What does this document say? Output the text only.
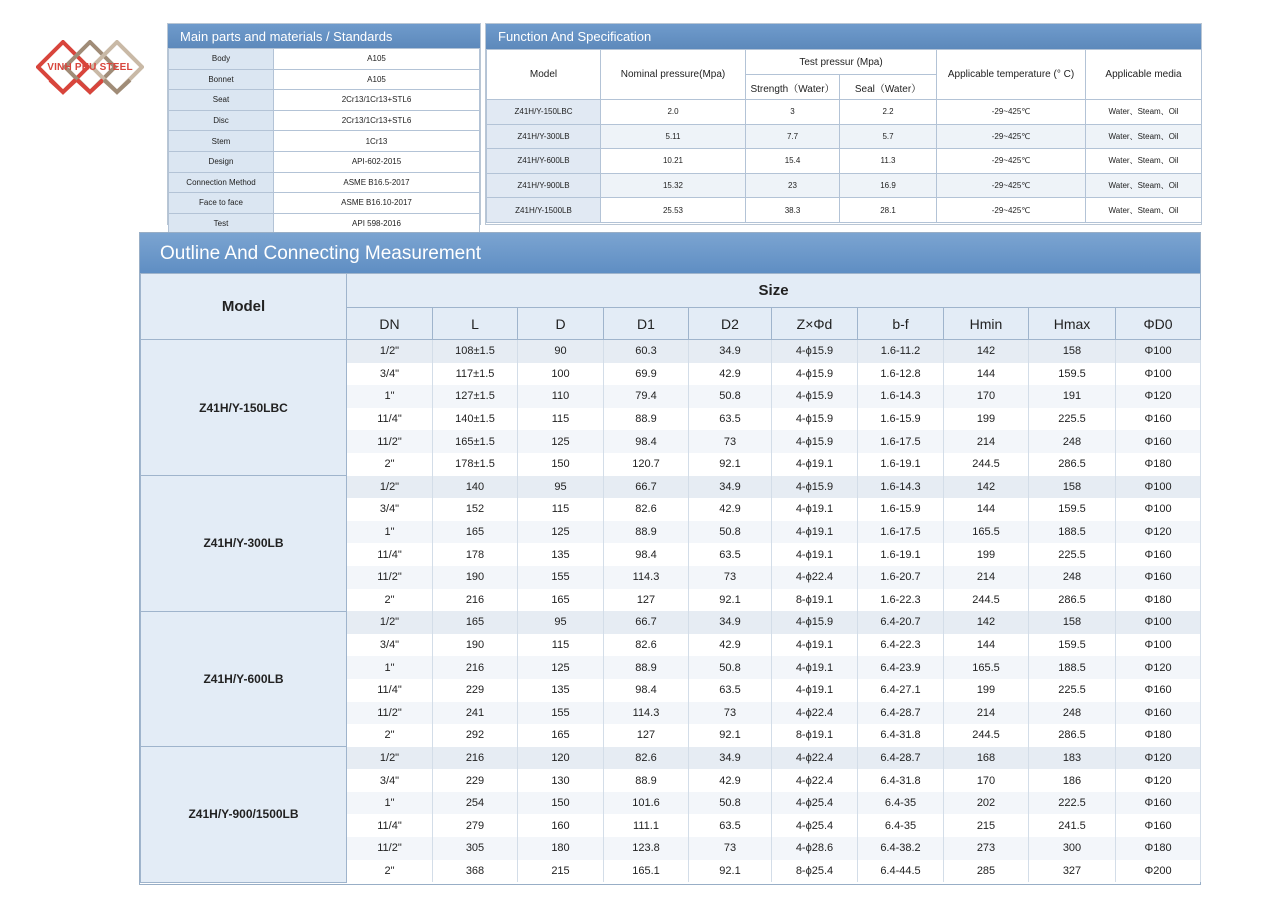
VINH PHU STEEL
Main parts and materials / Standards
Body	A105
Bonnet	A105
Seat	2Cr13/1Cr13+STL6
Disc	2Cr13/1Cr13+STL6
Stem	1Cr13
Design	API-602-2015
Connection Method	ASME B16.5-2017
Face to face	ASME B16.10-2017
Test	API 598-2016
Function And Specification
Model	Nominal pressure(Mpa)	Test pressur (Mpa)		Applicable temperature (° C)	Applicable media
		Strength（Water）	Seal（Water）		
Z41H/Y-150LBC	2.0	3	2.2	-29~425℃	Water、Steam、Oil
Z41H/Y-300LB	5.11	7.7	5.7	-29~425℃	Water、Steam、Oil
Z41H/Y-600LB	10.21	15.4	11.3	-29~425℃	Water、Steam、Oil
Z41H/Y-900LB	15.32	23	16.9	-29~425℃	Water、Steam、Oil
Z41H/Y-1500LB	25.53	38.3	28.1	-29~425℃	Water、Steam、Oil
Outline And Connecting Measurement
Model	Size									
	DN	L	D	D1	D2	Z×Φd	b-f	Hmin	Hmax	ΦD0
Z41H/Y-150LBC	1/2"	108±1.5	90	60.3	34.9	4-ϕ15.9	1.6-11.2	142	158	Φ100
	3/4"	117±1.5	100	69.9	42.9	4-ϕ15.9	1.6-12.8	144	159.5	Φ100
	1"	127±1.5	110	79.4	50.8	4-ϕ15.9	1.6-14.3	170	191	Φ120
	11/4"	140±1.5	115	88.9	63.5	4-ϕ15.9	1.6-15.9	199	225.5	Φ160
	11/2"	165±1.5	125	98.4	73	4-ϕ15.9	1.6-17.5	214	248	Φ160
	2"	178±1.5	150	120.7	92.1	4-ϕ19.1	1.6-19.1	244.5	286.5	Φ180
Z41H/Y-300LB	1/2"	140	95	66.7	34.9	4-ϕ15.9	1.6-14.3	142	158	Φ100
	3/4"	152	115	82.6	42.9	4-ϕ19.1	1.6-15.9	144	159.5	Φ100
	1"	165	125	88.9	50.8	4-ϕ19.1	1.6-17.5	165.5	188.5	Φ120
	11/4"	178	135	98.4	63.5	4-ϕ19.1	1.6-19.1	199	225.5	Φ160
	11/2"	190	155	114.3	73	4-ϕ22.4	1.6-20.7	214	248	Φ160
	2"	216	165	127	92.1	8-ϕ19.1	1.6-22.3	244.5	286.5	Φ180
Z41H/Y-600LB	1/2"	165	95	66.7	34.9	4-ϕ15.9	6.4-20.7	142	158	Φ100
	3/4"	190	115	82.6	42.9	4-ϕ19.1	6.4-22.3	144	159.5	Φ100
	1"	216	125	88.9	50.8	4-ϕ19.1	6.4-23.9	165.5	188.5	Φ120
	11/4"	229	135	98.4	63.5	4-ϕ19.1	6.4-27.1	199	225.5	Φ160
	11/2"	241	155	114.3	73	4-ϕ22.4	6.4-28.7	214	248	Φ160
	2"	292	165	127	92.1	8-ϕ19.1	6.4-31.8	244.5	286.5	Φ180
Z41H/Y-900/1500LB	1/2"	216	120	82.6	34.9	4-ϕ22.4	6.4-28.7	168	183	Φ120
	3/4"	229	130	88.9	42.9	4-ϕ22.4	6.4-31.8	170	186	Φ120
	1"	254	150	101.6	50.8	4-ϕ25.4	6.4-35	202	222.5	Φ160
	11/4"	279	160	111.1	63.5	4-ϕ25.4	6.4-35	215	241.5	Φ160
	11/2"	305	180	123.8	73	4-ϕ28.6	6.4-38.2	273	300	Φ180
	2"	368	215	165.1	92.1	8-ϕ25.4	6.4-44.5	285	327	Φ200
